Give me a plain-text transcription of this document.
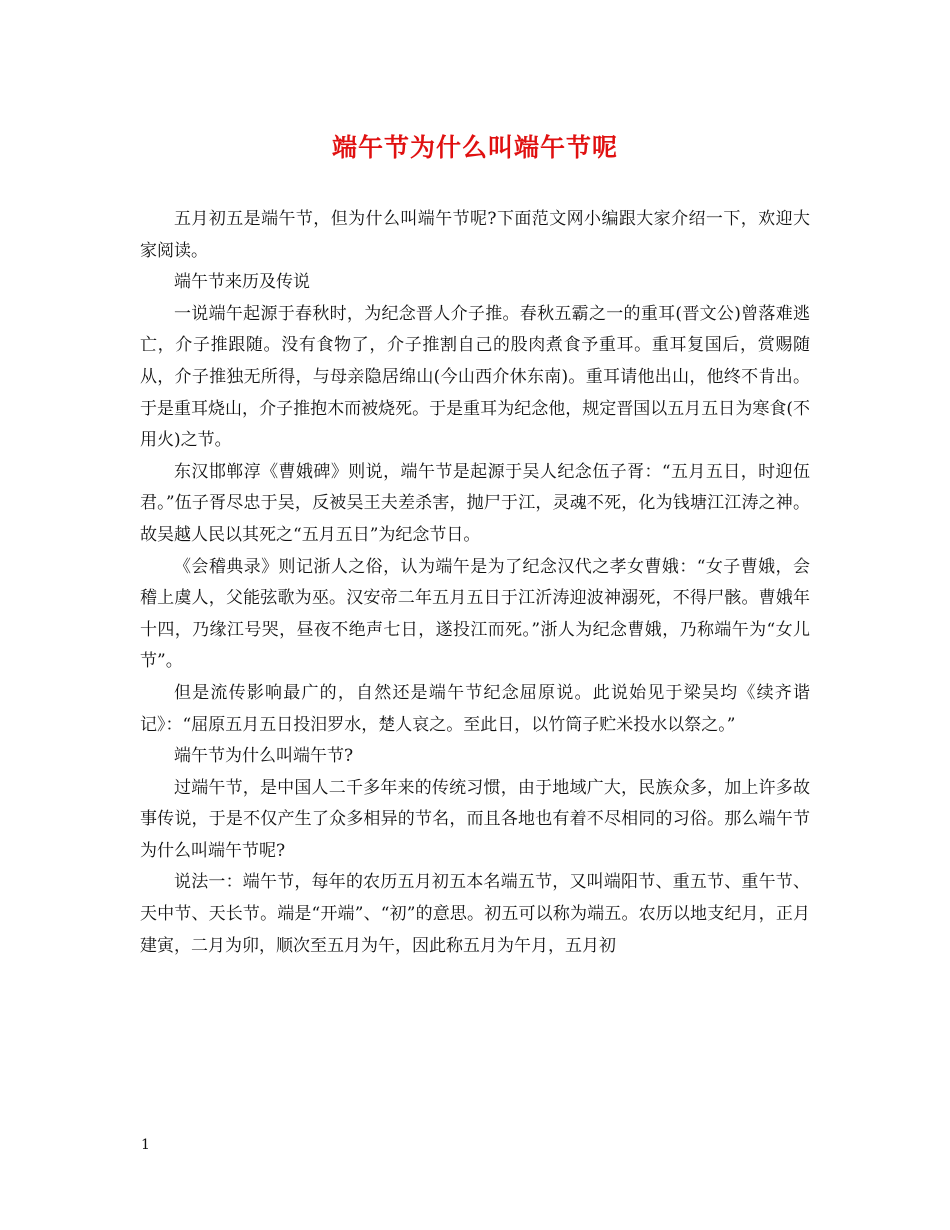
端午节为什么叫端午节呢

五月初五是端午节，但为什么叫端午节呢?下面范文网小编跟大家介绍一下，欢迎大家阅读。

端午节来历及传说

一说端午起源于春秋时，为纪念晋人介子推。春秋五霸之一的重耳(晋文公)曾落难逃亡，介子推跟随。没有食物了，介子推割自己的股肉煮食予重耳。重耳复国后，赏赐随从，介子推独无所得，与母亲隐居绵山(今山西介休东南)。重耳请他出山，他终不肯出。于是重耳烧山，介子推抱木而被烧死。于是重耳为纪念他，规定晋国以五月五日为寒食(不用火)之节。

东汉邯郸淳《曹娥碑》则说，端午节是起源于吴人纪念伍子胥：“五月五日，时迎伍君。”伍子胥尽忠于吴，反被吴王夫差杀害，抛尸于江，灵魂不死，化为钱塘江江涛之神。故吴越人民以其死之“五月五日”为纪念节日。

《会稽典录》则记浙人之俗，认为端午是为了纪念汉代之孝女曹娥：“女子曹娥，会稽上虞人，父能弦歌为巫。汉安帝二年五月五日于江沂涛迎波神溺死，不得尸骸。曹娥年十四，乃缘江号哭，昼夜不绝声七日，遂投江而死。”浙人为纪念曹娥，乃称端午为“女儿节”。

但是流传影响最广的，自然还是端午节纪念屈原说。此说始见于梁吴均《续齐谐记》：“屈原五月五日投汨罗水，楚人哀之。至此日，以竹筒子贮米投水以祭之。”

端午节为什么叫端午节?

过端午节，是中国人二千多年来的传统习惯，由于地域广大，民族众多，加上许多故事传说，于是不仅产生了众多相异的节名，而且各地也有着不尽相同的习俗。那么端午节为什么叫端午节呢?

说法一：端午节，每年的农历五月初五本名端五节，又叫端阳节、重五节、重午节、天中节、天长节。端是“开端”、“初”的意思。初五可以称为端五。农历以地支纪月，正月建寅，二月为卯，顺次至五月为午，因此称五月为午月，五月初

1
